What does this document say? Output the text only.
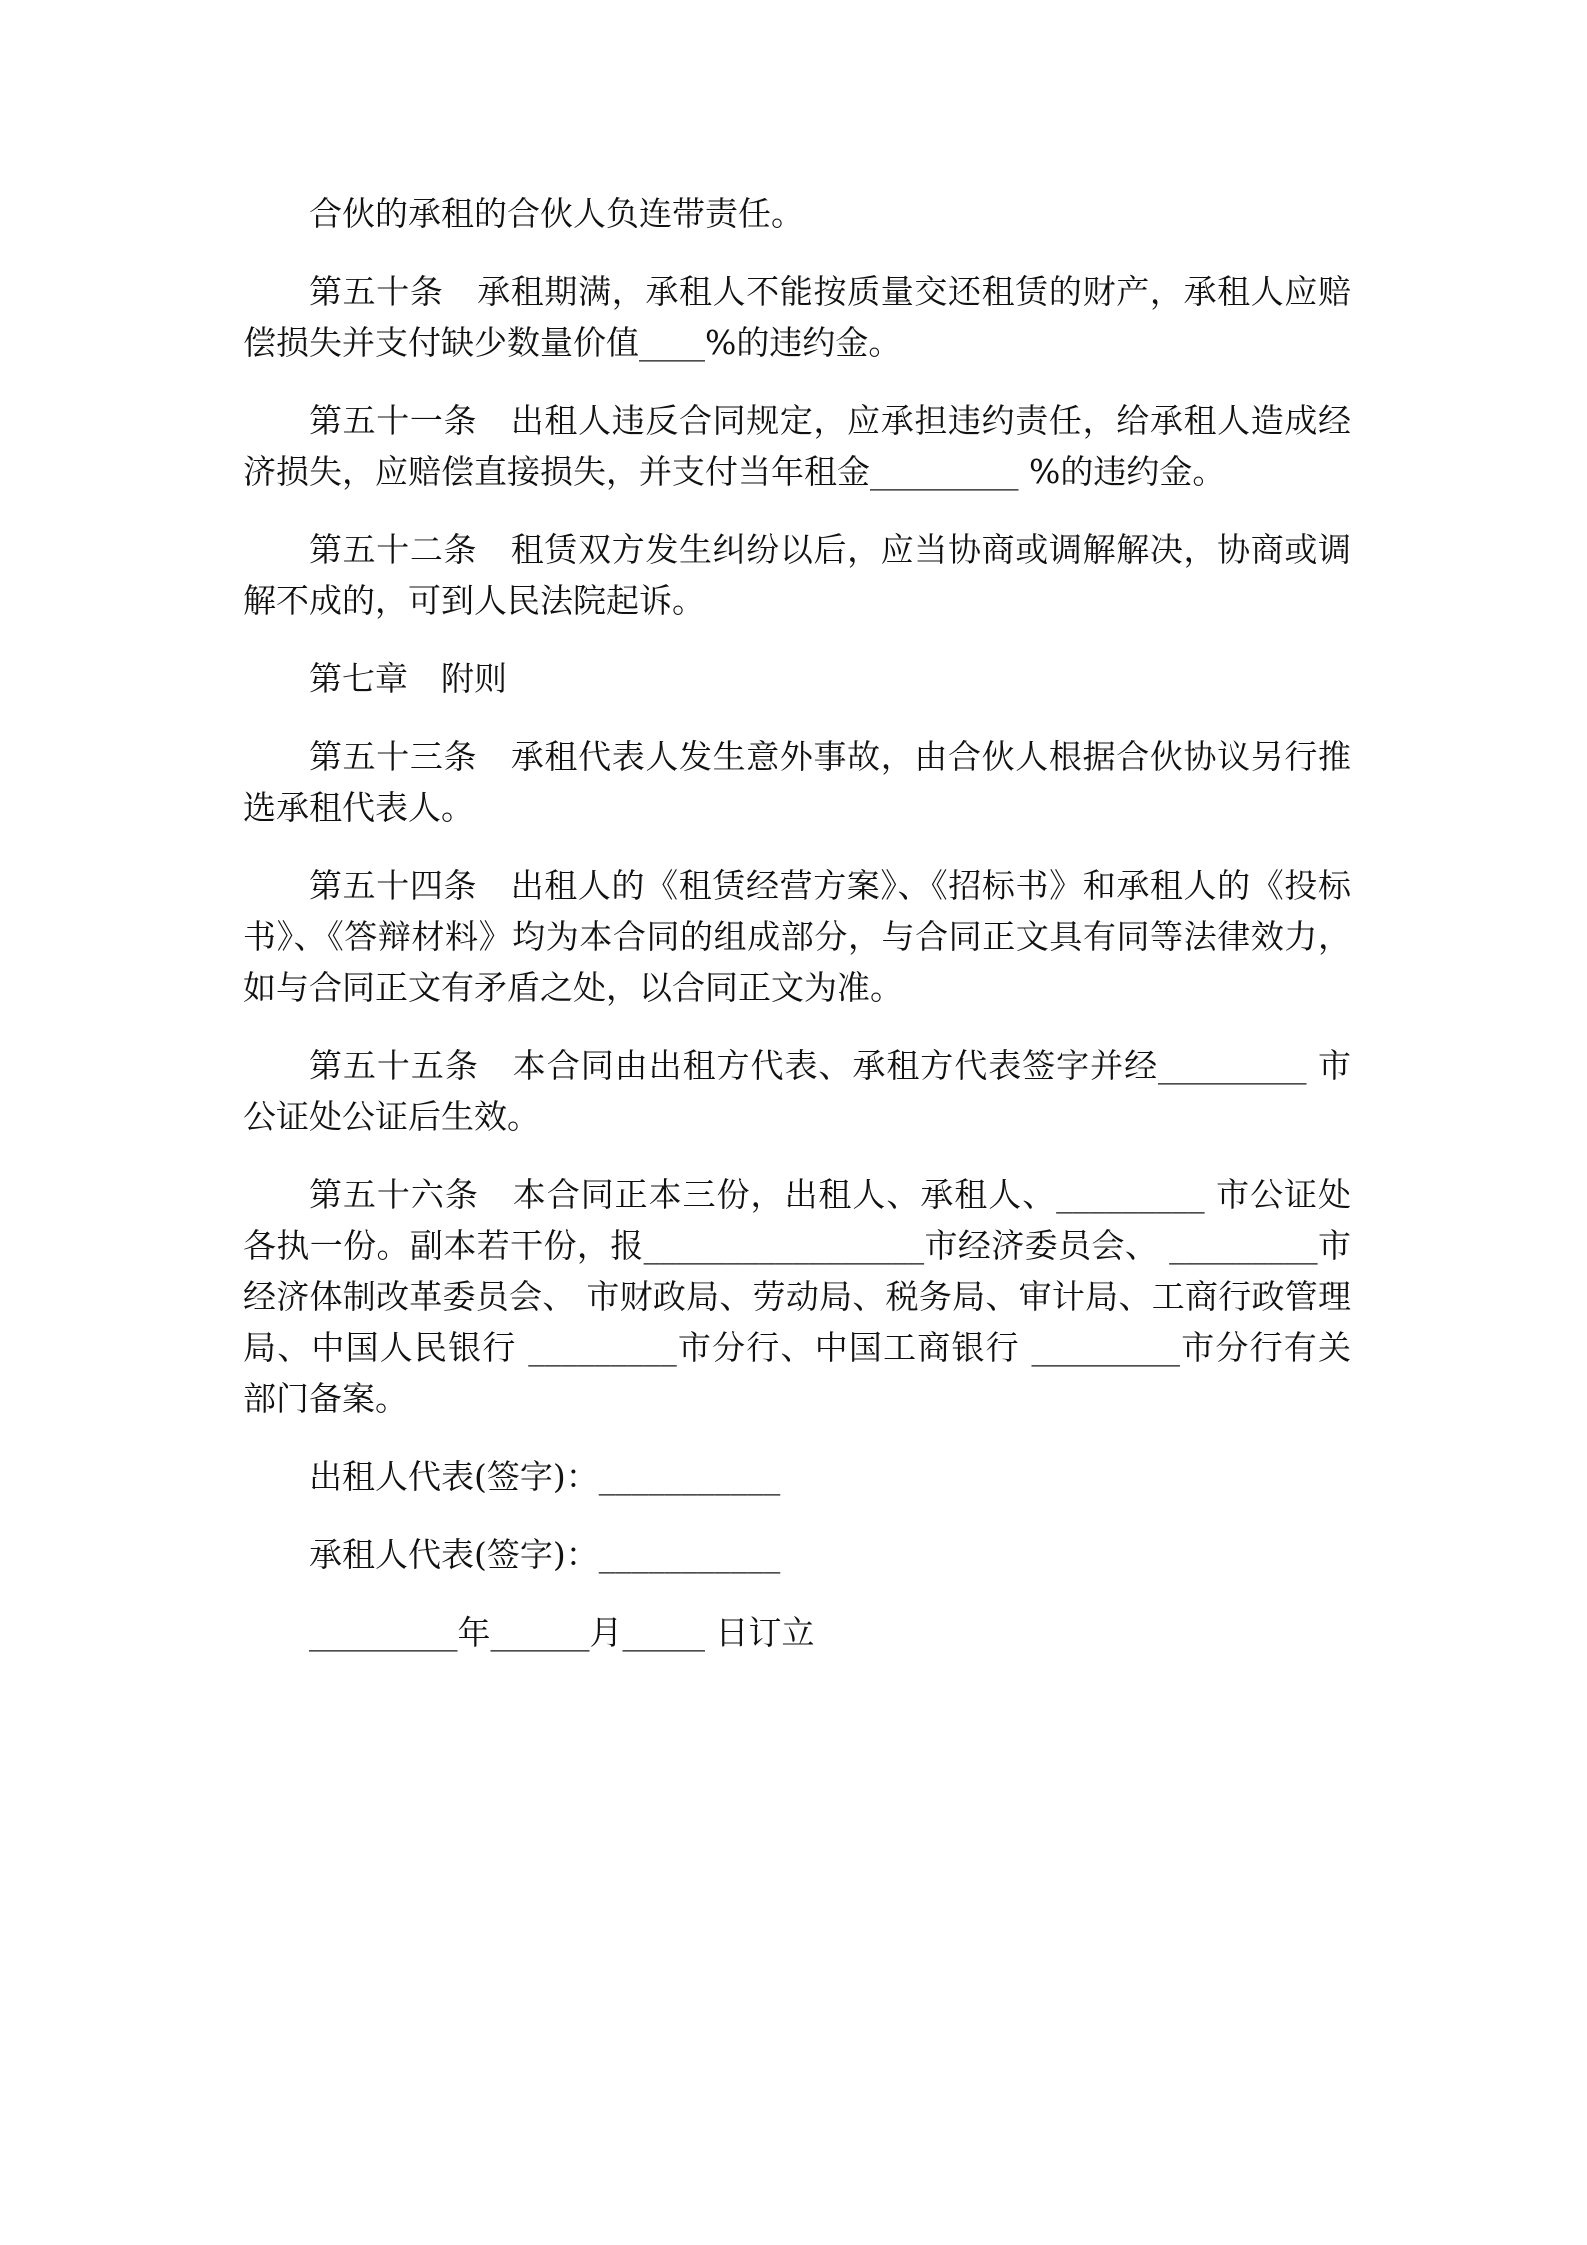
合伙的承租的合伙人负连带责任。

第五十条　承租期满，承租人不能按质量交还租赁的财产，承租人应赔偿损失并支付缺少数量价值____%的违约金。

第五十一条　出租人违反合同规定，应承担违约责任，给承租人造成经济损失，应赔偿直接损失，并支付当年租金_________ %的违约金。

第五十二条　租赁双方发生纠纷以后，应当协商或调解解决，协商或调解不成的，可到人民法院起诉。

第七章　附则

第五十三条　承租代表人发生意外事故，由合伙人根据合伙协议另行推选承租代表人。

第五十四条　出租人的《租赁经营方案》、《招标书》和承租人的《投标书》、《答辩材料》均为本合同的组成部分，与合同正文具有同等法律效力，如与合同正文有矛盾之处，以合同正文为准。

第五十五条　本合同由出租方代表、承租方代表签字并经_________ 市公证处公证后生效。

第五十六条　本合同正本三份，出租人、承租人、_________ 市公证处各执一份。副本若干份，报_________________市经济委员会、 _________市经济体制改革委员会、 市财政局、劳动局、税务局、审计局、工商行政管理局、中国人民银行 _________市分行、中国工商银行 _________市分行有关部门备案。

出租人代表(签字)：___________

承租人代表(签字)：___________

_________年______月_____ 日订立
